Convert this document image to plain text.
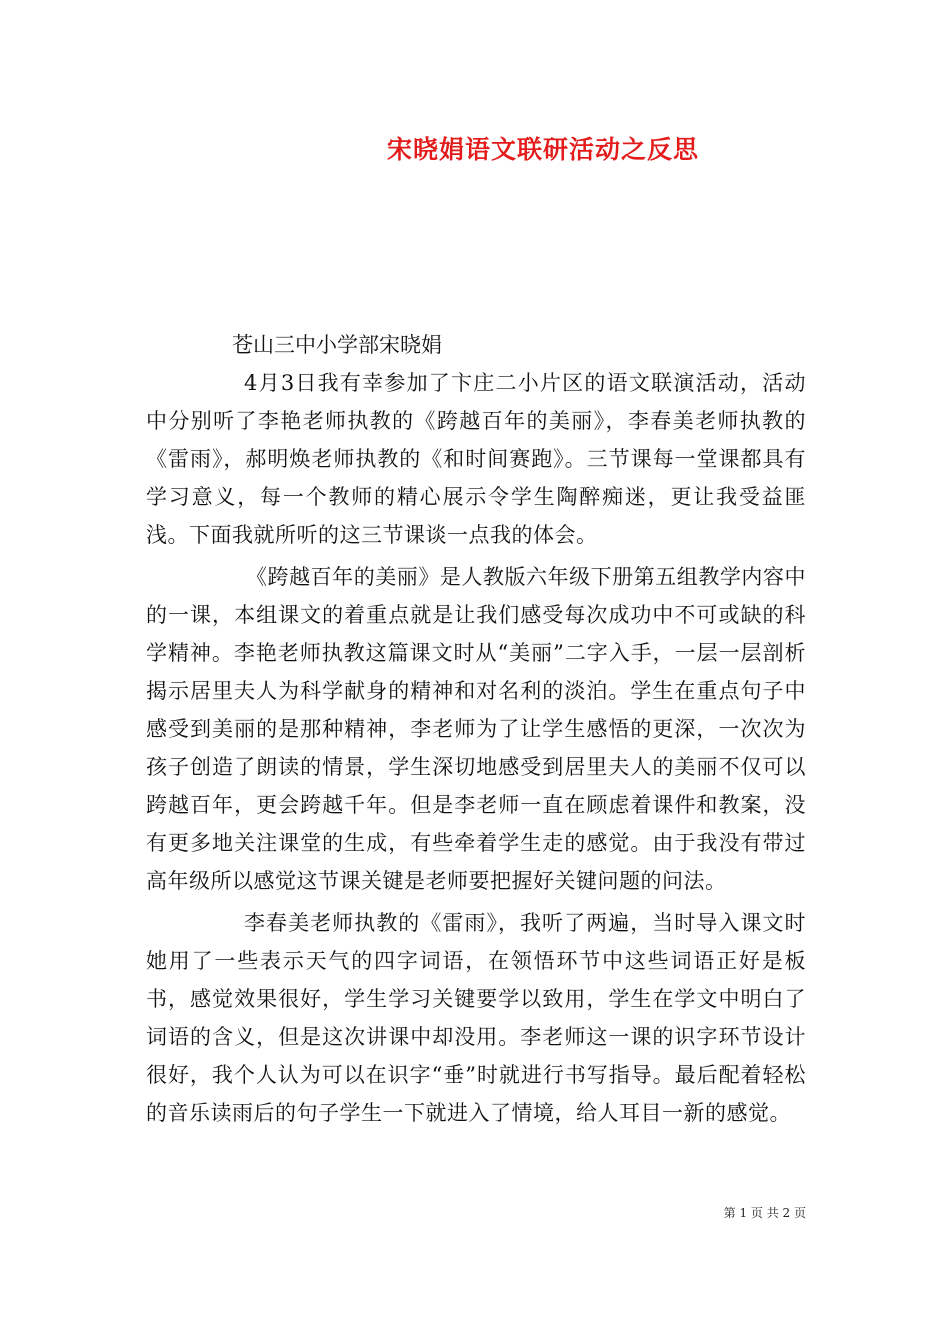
宋晓娟语文联研活动之反思

苍山三中小学部宋晓娟

4月3日我有幸参加了卞庄二小片区的语文联演活动，活动中分别听了李艳老师执教的《跨越百年的美丽》，李春美老师执教的《雷雨》，郝明焕老师执教的《和时间赛跑》。三节课每一堂课都具有学习意义，每一个教师的精心展示令学生陶醉痴迷，更让我受益匪浅。下面我就所听的这三节课谈一点我的体会。

《跨越百年的美丽》是人教版六年级下册第五组教学内容中的一课，本组课文的着重点就是让我们感受每次成功中不可或缺的科学精神。李艳老师执教这篇课文时从“美丽”二字入手，一层一层剖析揭示居里夫人为科学献身的精神和对名利的淡泊。学生在重点句子中感受到美丽的是那种精神，李老师为了让学生感悟的更深，一次次为孩子创造了朗读的情景，学生深切地感受到居里夫人的美丽不仅可以跨越百年，更会跨越千年。但是李老师一直在顾虑着课件和教案，没有更多地关注课堂的生成，有些牵着学生走的感觉。由于我没有带过高年级所以感觉这节课关键是老师要把握好关键问题的问法。

李春美老师执教的《雷雨》，我听了两遍，当时导入课文时她用了一些表示天气的四字词语，在领悟环节中这些词语正好是板书，感觉效果很好，学生学习关键要学以致用，学生在学文中明白了词语的含义，但是这次讲课中却没用。李老师这一课的识字环节设计很好，我个人认为可以在识字“垂”时就进行书写指导。最后配着轻松的音乐读雨后的句子学生一下就进入了情境，给人耳目一新的感觉。

第 1 页 共 2 页
